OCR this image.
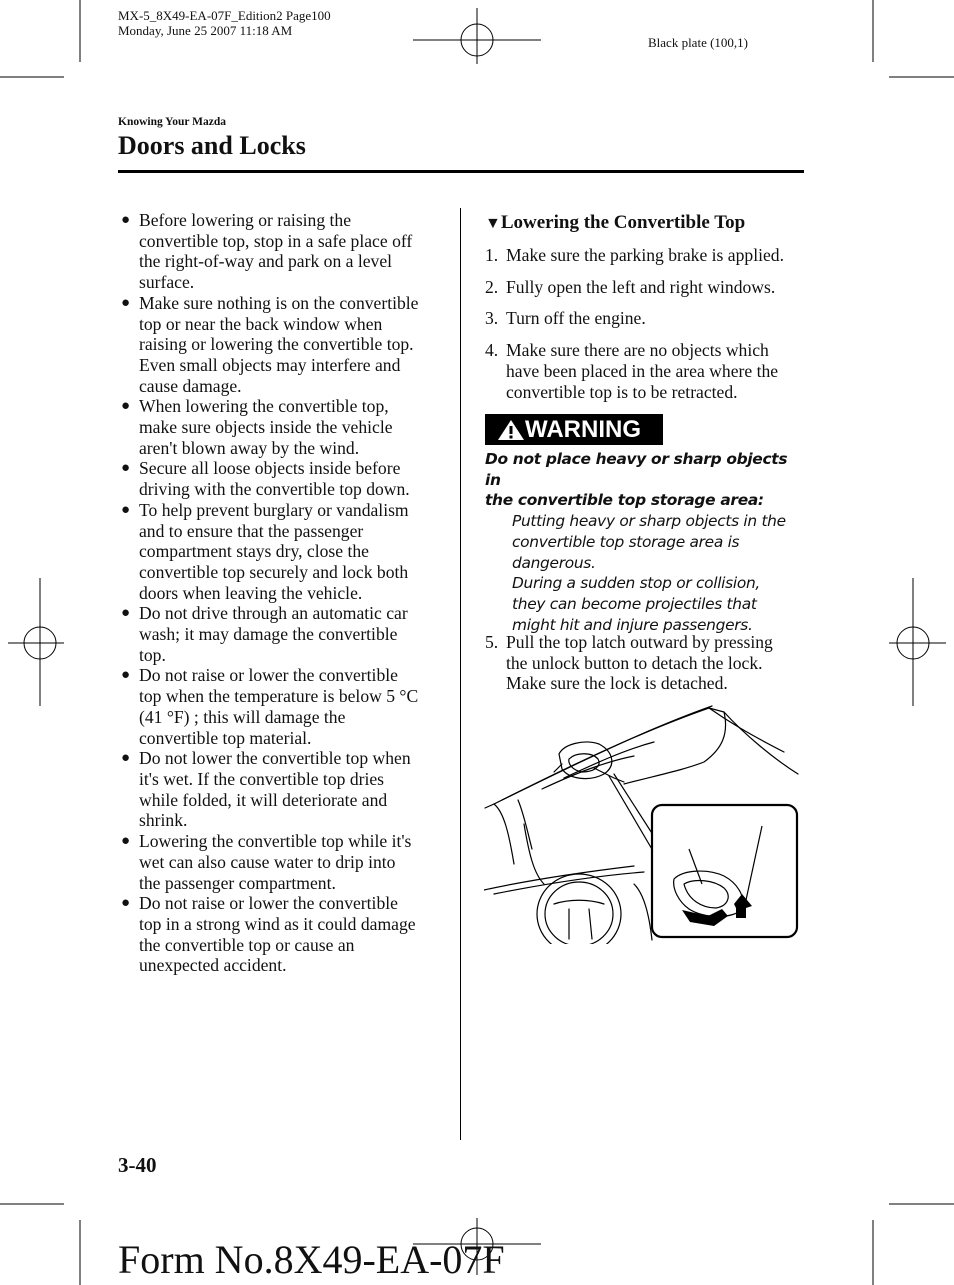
MX-5_8X49-EA-07F_Edition2 Page100
Monday, June 25 2007 11:18 AM
Black plate (100,1)
Knowing Your Mazda
Doors and Locks
● Before lowering or raising the
convertible top, stop in a safe place off
the right-of-way and park on a level
surface.
● Make sure nothing is on the convertible
top or near the back window when
raising or lowering the convertible top.
Even small objects may interfere and
cause damage.
● When lowering the convertible top,
make sure objects inside the vehicle
aren't blown away by the wind.
● Secure all loose objects inside before
driving with the convertible top down.
● To help prevent burglary or vandalism
and to ensure that the passenger
compartment stays dry, close the
convertible top securely and lock both
doors when leaving the vehicle.
● Do not drive through an automatic car
wash; it may damage the convertible
top.
● Do not raise or lower the convertible
top when the temperature is below 5 °C
(41 °F) ; this will damage the
convertible top material.
● Do not lower the convertible top when
it's wet. If the convertible top dries
while folded, it will deteriorate and
shrink.
● Lowering the convertible top while it's
wet can also cause water to drip into
the passenger compartment.
● Do not raise or lower the convertible
top in a strong wind as it could damage
the convertible top or cause an
unexpected accident.
▼Lowering the Convertible Top
1. Make sure the parking brake is applied.
2. Fully open the left and right windows.
3. Turn off the engine.
4. Make sure there are no objects which
have been placed in the area where the
convertible top is to be retracted.
WARNING
Do not place heavy or sharp objects in
the convertible top storage area:
Putting heavy or sharp objects in the
convertible top storage area is
dangerous.
During a sudden stop or collision,
they can become projectiles that
might hit and injure passengers.
5. Pull the top latch outward by pressing
the unlock button to detach the lock.
Make sure the lock is detached.
3-40
Form No.8X49-EA-07F
